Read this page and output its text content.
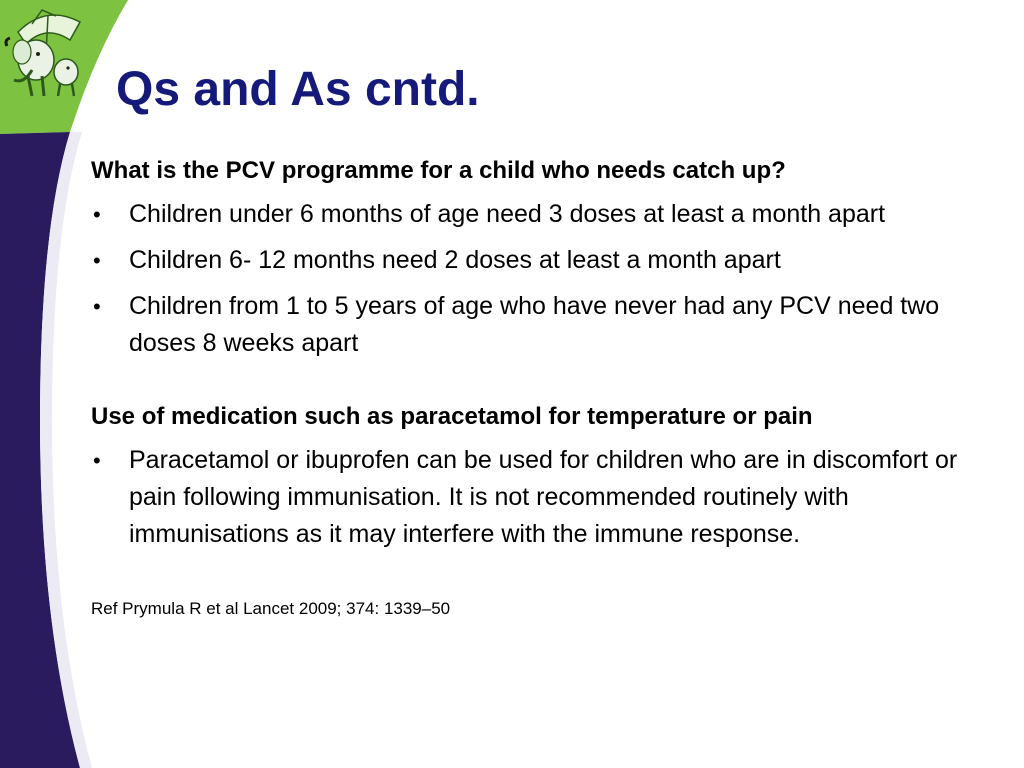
Qs and As cntd.

What is the PCV programme for a child who needs catch up?

• Children under 6 months of age need 3 doses at least a month apart
• Children 6- 12 months need 2 doses at least a month apart
• Children from 1 to 5 years of age who have never had any PCV need two doses 8 weeks apart

Use of medication such as paracetamol for temperature or pain

• Paracetamol or ibuprofen can be used for children who are in discomfort or pain following immunisation. It is not recommended routinely with immunisations as it may interfere with the immune response.

Ref Prymula R et al Lancet 2009; 374: 1339–50
